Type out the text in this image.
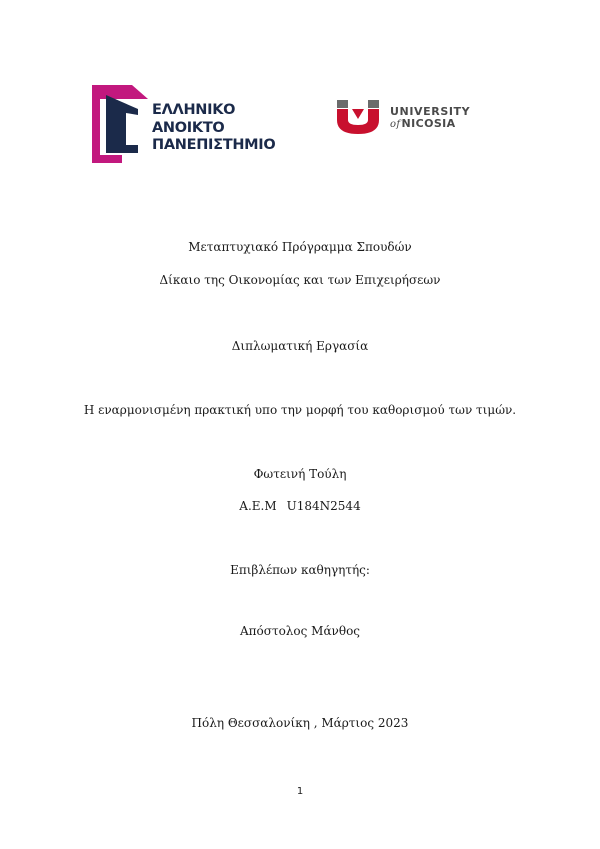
ΕΛΛΗΝΙΚΟ
ΑΝΟΙΚΤΟ
ΠΑΝΕΠΙΣΤΗΜΙΟ
UNIVERSITY
ofNICOSIA
Μεταπτυχιακό Πρόγραμμα Σπουδών
Δίκαιο της Οικονομίας και των Επιχειρήσεων
Διπλωματική Εργασία
Η εναρμονισμένη πρακτική υπο την μορφή του καθορισμού των τιμών.
Φωτεινή Τούλη
Α.Ε.Μ U184N2544
Επιβλέπων καθηγητής:
Απόστολος Μάνθος
Πόλη Θεσσαλονίκη , Μάρτιος 2023
1
